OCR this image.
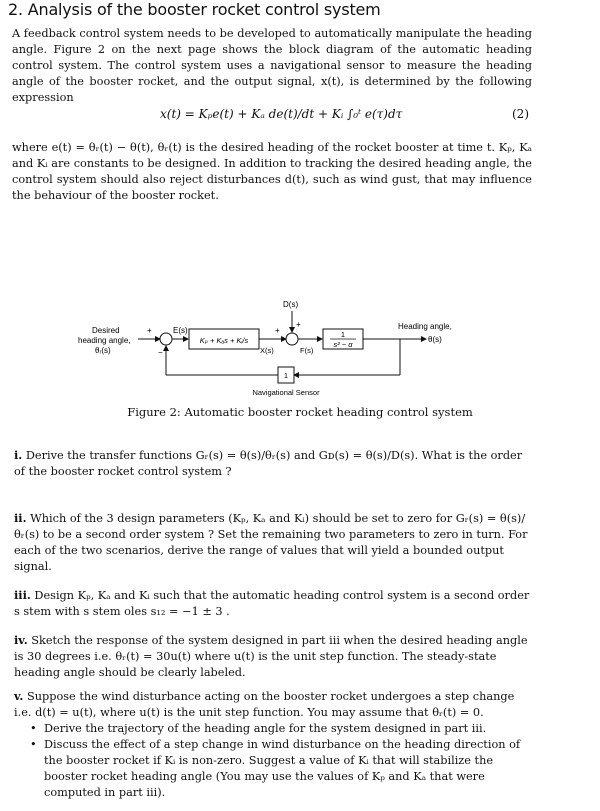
2. Analysis of the booster rocket control system

A feedback control system needs to be developed to automatically manipulate the heading angle. Figure 2 on the next page shows the block diagram of the automatic heading control system. The control system uses a navigational sensor to measure the heading angle of the booster rocket, and the output signal, x(t), is determined by the following expression

x(t) = Kₚe(t) + Kₐ de(t)/dt + Kᵢ ∫₀ᵗ e(τ)dτ	(2)

where e(t) = θᵣ(t) − θ(t), θᵣ(t) is the desired heading of the rocket booster at time t. Kₚ, Kₐ and Kᵢ are constants to be designed. In addition to tracking the desired heading angle, the control system should also reject disturbances d(t), such as wind gust, that may influence the behaviour of the booster rocket.

Desired
heading angle,
θᵣ(s)
+
−
E(s)
Kₚ + Kₐs + Kᵢ/s
X(s)
+
D(s)
+
F(s)
1
s² − α
Heading angle,
θ(s)
1
Navigational Sensor
Figure 2: Automatic booster rocket heading control system

i. Derive the transfer functions Gᵣ(s) = θ(s)/θᵣ(s) and Gᴅ(s) = θ(s)/D(s). What is the order of the booster rocket control system ?

ii. Which of the 3 design parameters (Kₚ, Kₐ and Kᵢ) should be set to zero for Gᵣ(s) = θ(s)/θᵣ(s) to be a second order system ? Set the remaining two parameters to zero in turn. For each of the two scenarios, derive the range of values that will yield a bounded output signal.

iii. Design Kₚ, Kₐ and Kᵢ such that the automatic heading control system is a second order s stem with s stem oles s₁₂ = −1 ± 3 .

iv. Sketch the response of the system designed in part iii when the desired heading angle is 30 degrees i.e. θᵣ(t) = 30u(t) where u(t) is the unit step function. The steady-state heading angle should be clearly labeled.

v. Suppose the wind disturbance acting on the booster rocket undergoes a step change i.e. d(t) = u(t), where u(t) is the unit step function. You may assume that θᵣ(t) = 0.
• Derive the trajectory of the heading angle for the system designed in part iii.
• Discuss the effect of a step change in wind disturbance on the heading direction of the booster rocket if Kᵢ is non-zero. Suggest a value of Kᵢ that will stabilize the booster rocket heading angle (You may use the values of Kₚ and Kₐ that were computed in part iii).
